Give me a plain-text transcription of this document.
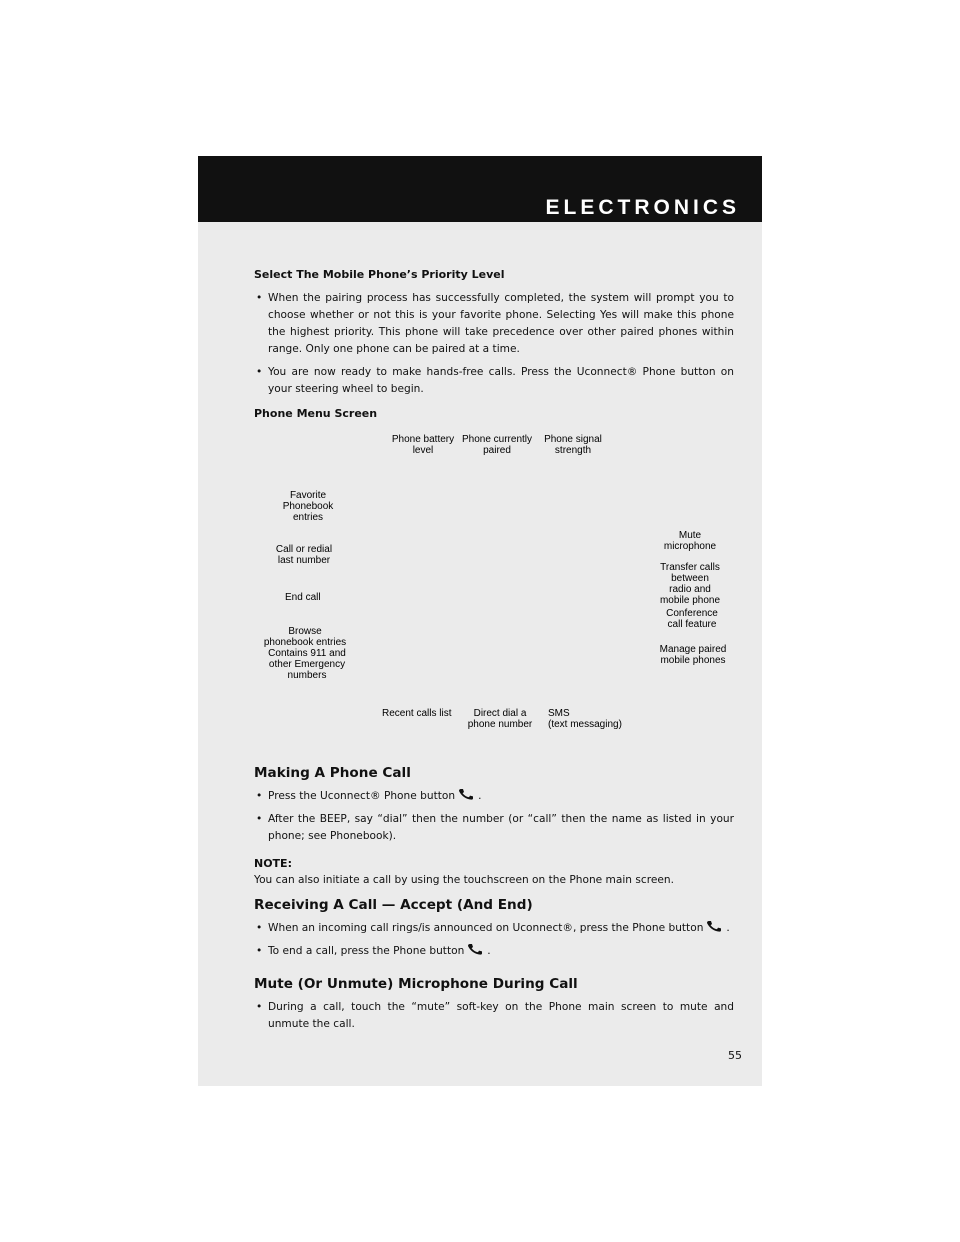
ELECTRONICS

Select The Mobile Phone’s Priority Level

• When the pairing process has successfully completed, the system will prompt you to choose whether or not this is your favorite phone. Selecting Yes will make this phone the highest priority. This phone will take precedence over other paired phones within range. Only one phone can be paired at a time.

• You are now ready to make hands-free calls. Press the Uconnect® Phone button on your steering wheel to begin.

Phone Menu Screen

Phone battery
level
Phone currently
paired
Phone signal
strength
Favorite
Phonebook
entries
Call or redial
last number
End call
Browse
phonebook entries
Contains 911 and
other Emergency
numbers
Mute
microphone
Transfer calls
between
radio and
mobile phone
Conference
call feature
Manage paired
mobile phones
Recent calls list	Direct dial a
phone number
SMS
(text messaging)

Making A Phone Call

• Press the Uconnect® Phone button .

• After the BEEP, say “dial” then the number (or “call” then the name as listed in your phone; see Phonebook).

NOTE:

You can also initiate a call by using the touchscreen on the Phone main screen.

Receiving A Call — Accept (And End)

• When an incoming call rings/is announced on Uconnect®, press the Phone button .

• To end a call, press the Phone button .

Mute (Or Unmute) Microphone During Call

• During a call, touch the “mute” soft-key on the Phone main screen to mute and unmute the call.

55
